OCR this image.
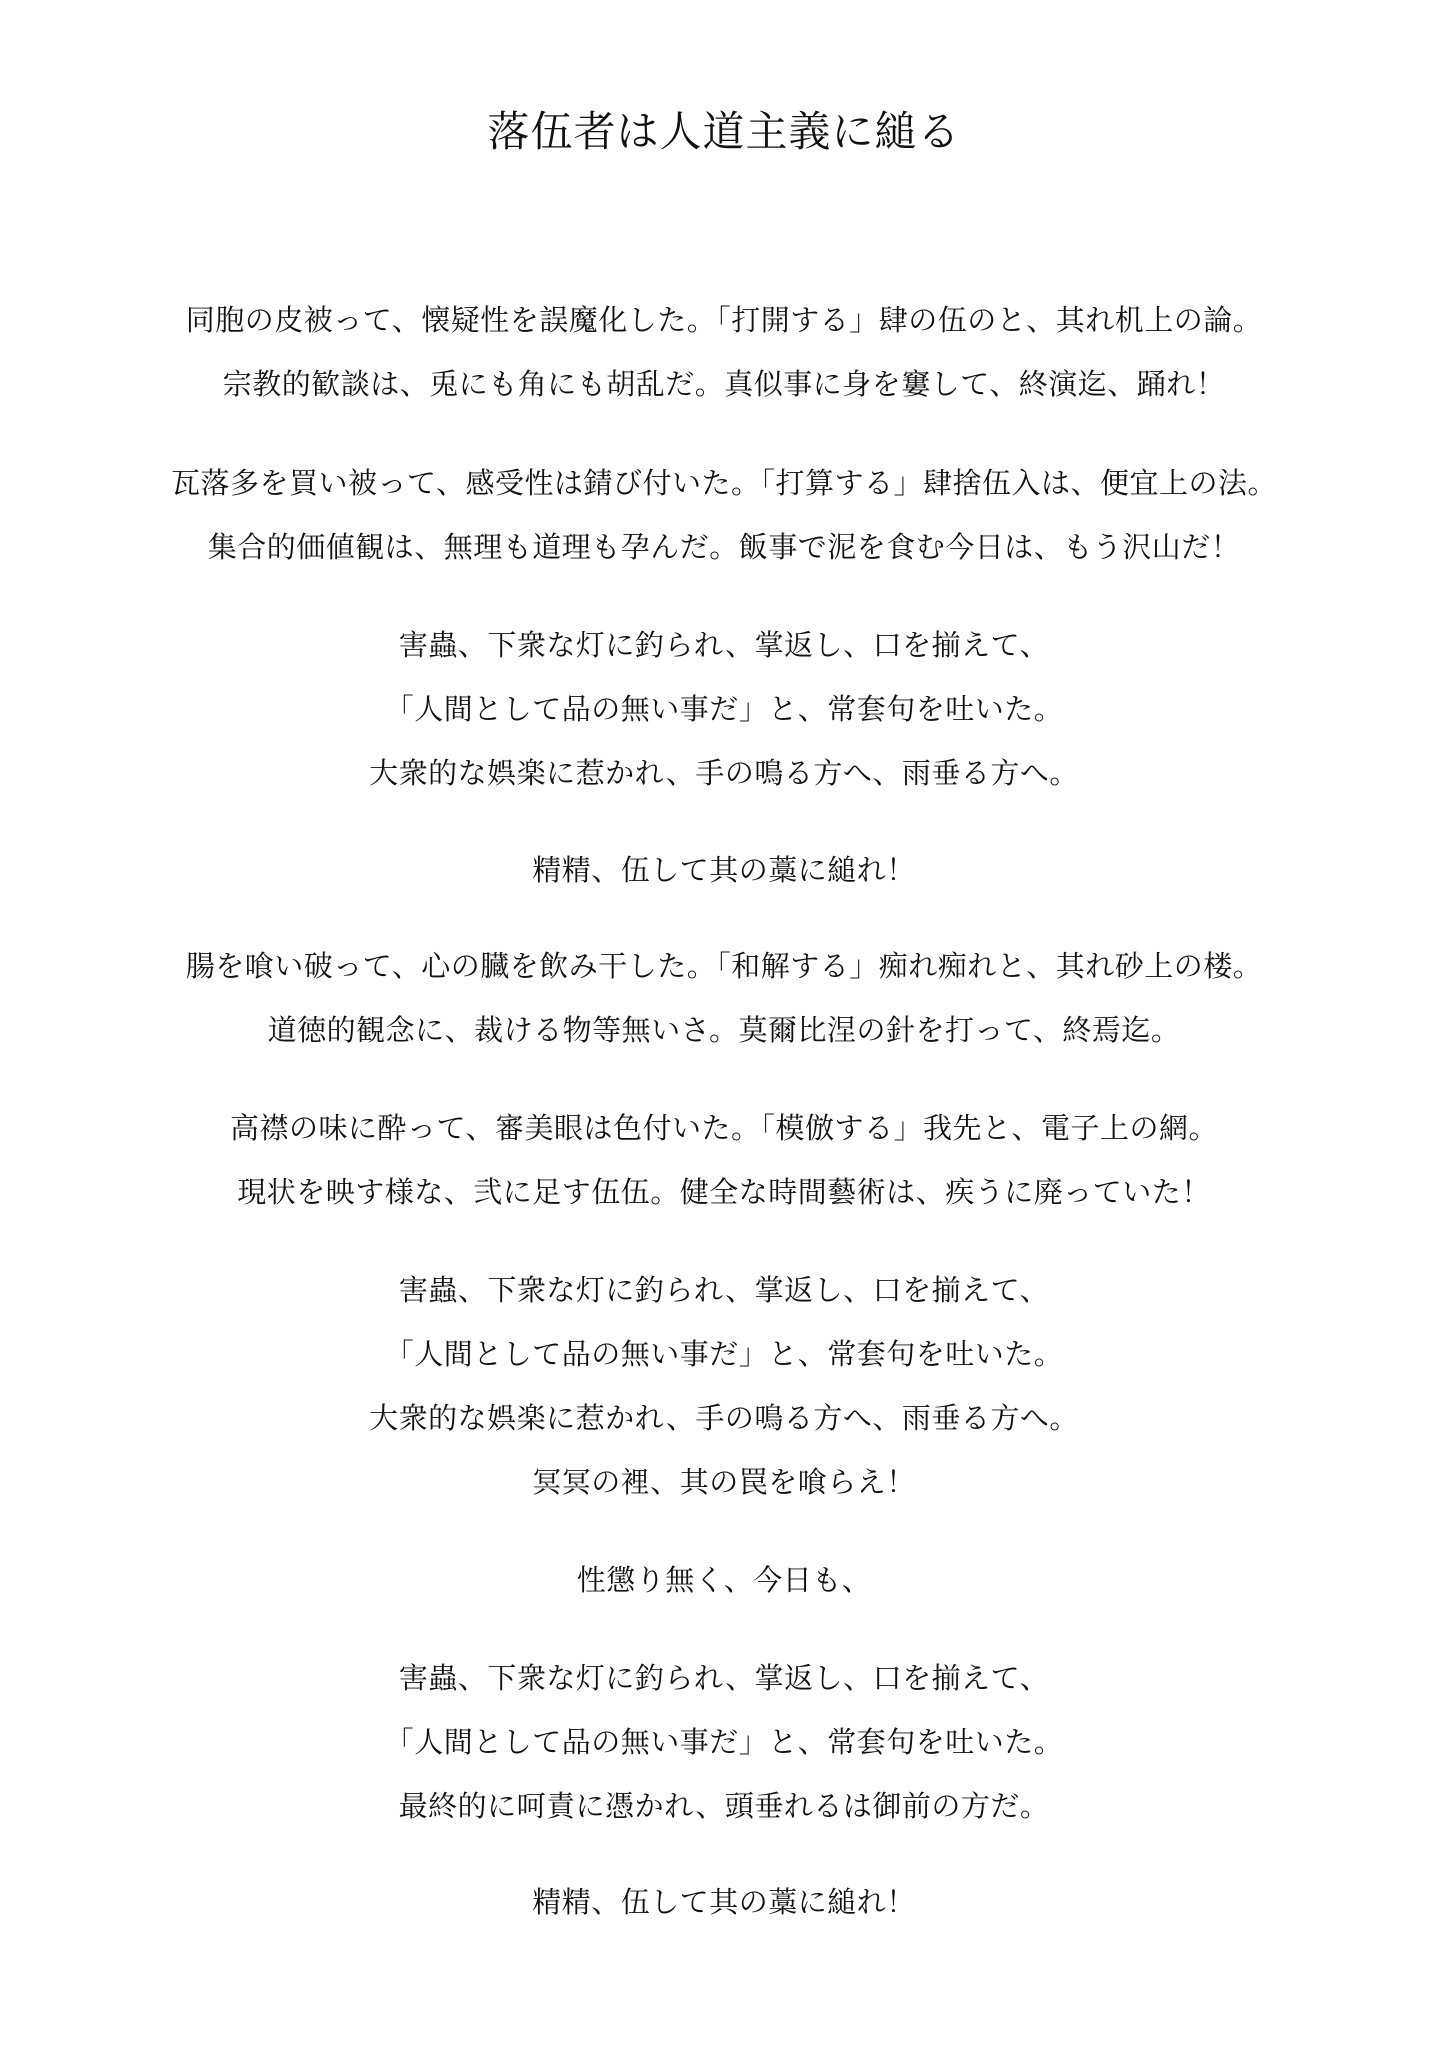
落伍者は人道主義に縋る
同胞の皮被って、懐疑性を誤魔化した。「打開する」肆の伍のと、其れ机上の論。
宗教的歓談は、兎にも角にも胡乱だ。真似事に身を窶して、終演迄、踊れ！
瓦落多を買い被って、感受性は錆び付いた。「打算する」肆捨伍入は、便宜上の法。
集合的価値観は、無理も道理も孕んだ。飯事で泥を食む今日は、もう沢山だ！
害蟲、下衆な灯に釣られ、掌返し、口を揃えて、
「人間として品の無い事だ」と、常套句を吐いた。
大衆的な娯楽に惹かれ、手の鳴る方へ、雨垂る方へ。
精精、伍して其の藁に縋れ！
腸を喰い破って、心の臓を飲み干した。「和解する」痴れ痴れと、其れ砂上の楼。
道徳的観念に、裁ける物等無いさ。莫爾比涅の針を打って、終焉迄。
高襟の味に酔って、審美眼は色付いた。「模倣する」我先と、電子上の網。
現状を映す様な、弐に足す伍伍。健全な時間藝術は、疾うに廃っていた！
害蟲、下衆な灯に釣られ、掌返し、口を揃えて、
「人間として品の無い事だ」と、常套句を吐いた。
大衆的な娯楽に惹かれ、手の鳴る方へ、雨垂る方へ。
冥冥の裡、其の罠を喰らえ！
性懲り無く、今日も、
害蟲、下衆な灯に釣られ、掌返し、口を揃えて、
「人間として品の無い事だ」と、常套句を吐いた。
最終的に呵責に憑かれ、頭垂れるは御前の方だ。
精精、伍して其の藁に縋れ！
